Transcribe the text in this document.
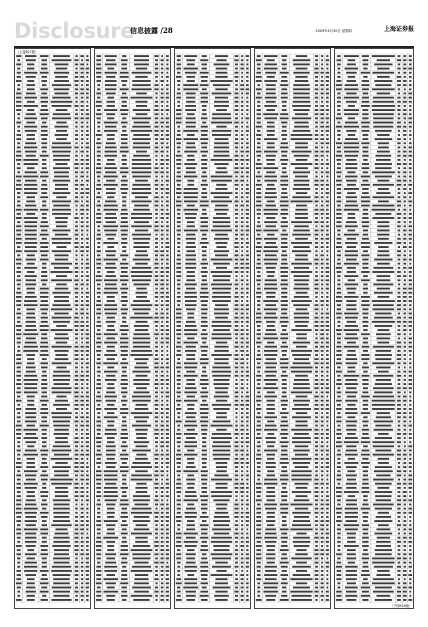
Disclosure
信息披露 /28	2009年4月30日 星期四	上海证券报
（上接B27版）
（下转B29版）
